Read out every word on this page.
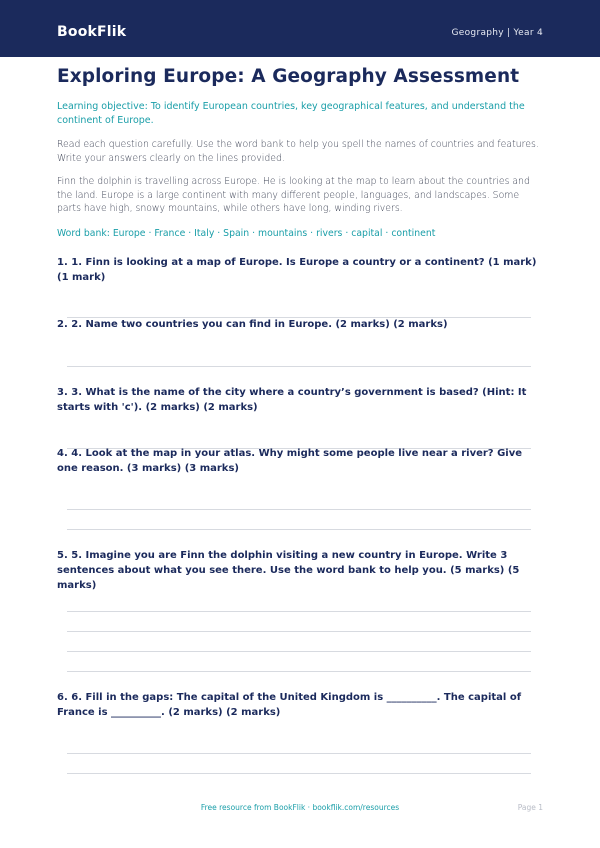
BookFlik	Geography | Year 4
Exploring Europe: A Geography Assessment

Learning objective: To identify European countries, key geographical features, and understand the continent of Europe.

Read each question carefully. Use the word bank to help you spell the names of countries and features. Write your answers clearly on the lines provided.

Finn the dolphin is travelling across Europe. He is looking at the map to learn about the countries and the land. Europe is a large continent with many different people, languages, and landscapes. Some parts have high, snowy mountains, while others have long, winding rivers.

Word bank: Europe · France · Italy · Spain · mountains · rivers · capital · continent

1. 1. Finn is looking at a map of Europe. Is Europe a country or a continent? (1 mark) (1 mark)
2. 2. Name two countries you can find in Europe. (2 marks) (2 marks)
3. 3. What is the name of the city where a country’s government is based? (Hint: It starts with 'c'). (2 marks) (2 marks)
4. 4. Look at the map in your atlas. Why might some people live near a river? Give one reason. (3 marks) (3 marks)
5. 5. Imagine you are Finn the dolphin visiting a new country in Europe. Write 3 sentences about what you see there. Use the word bank to help you. (5 marks) (5 marks)
6. 6. Fill in the gaps: The capital of the United Kingdom is __________. The capital of France is __________. (2 marks) (2 marks)
Free resource from BookFlik · bookflik.com/resources	Page 1
